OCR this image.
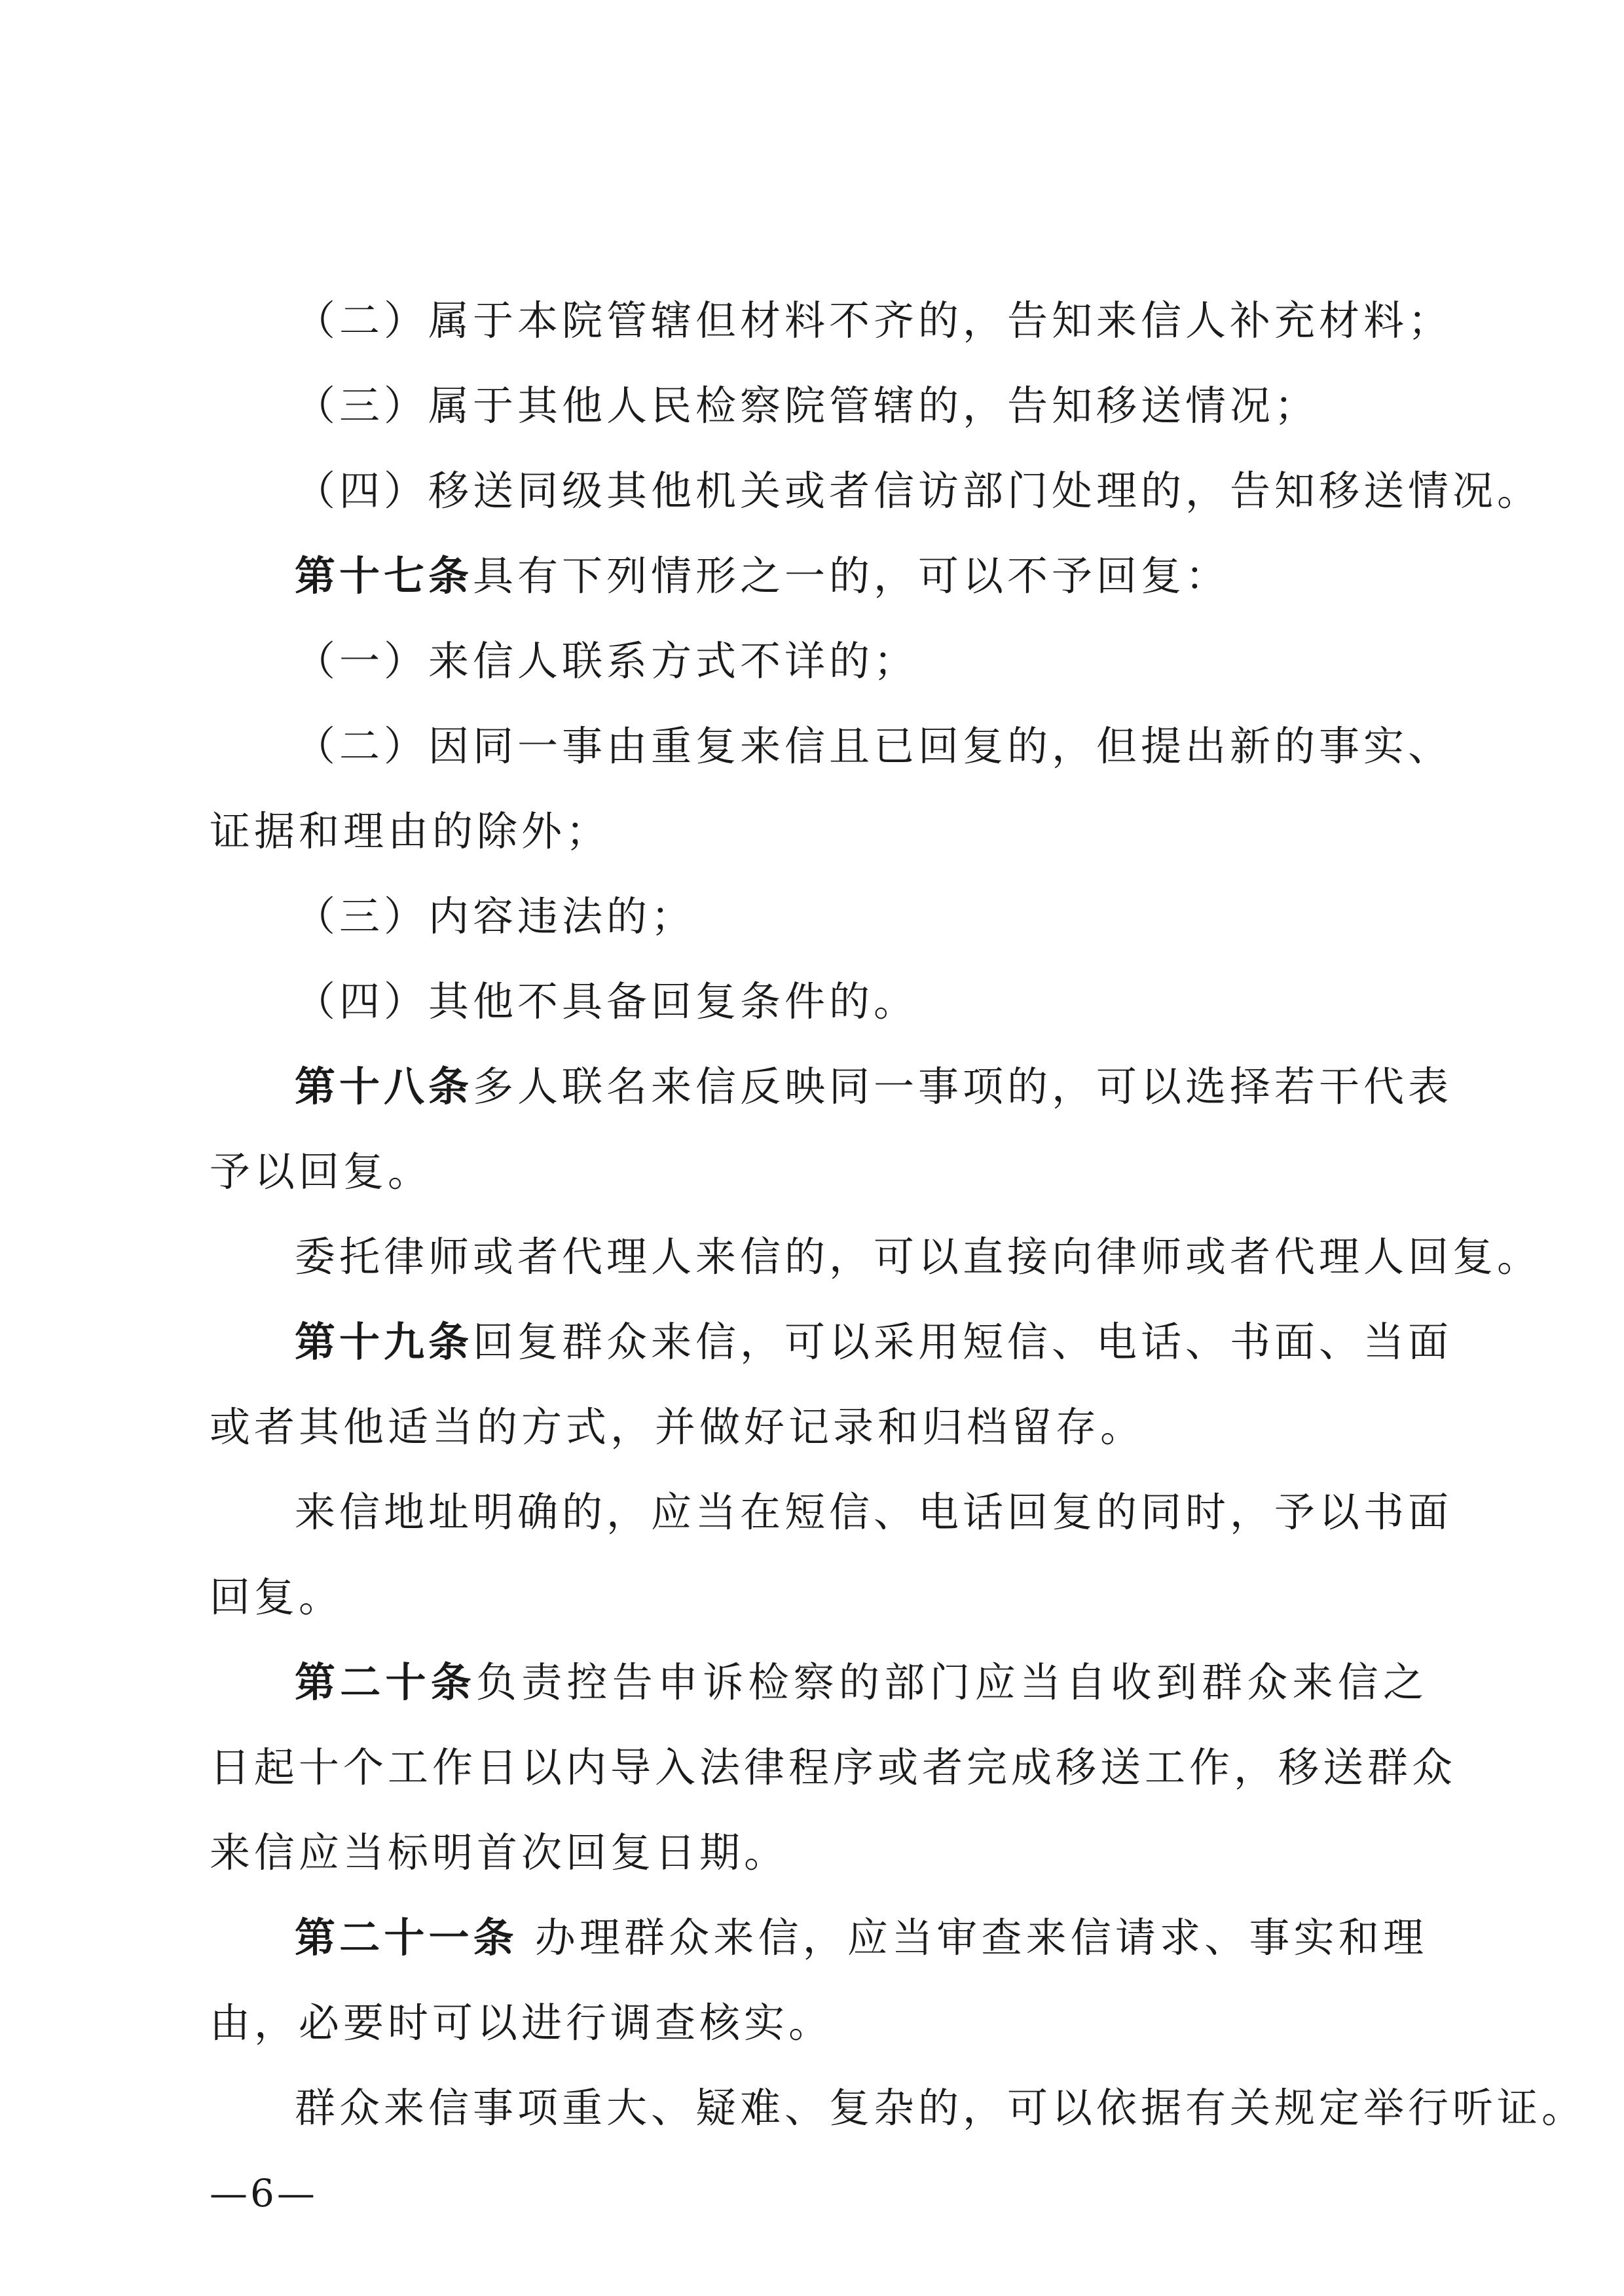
（二）属于本院管辖但材料不齐的，告知来信人补充材料；
（三）属于其他人民检察院管辖的，告知移送情况；
（四）移送同级其他机关或者信访部门处理的，告知移送情况。
第十七条具有下列情形之一的，可以不予回复：
（一）来信人联系方式不详的；
（二）因同一事由重复来信且已回复的，但提出新的事实、
证据和理由的除外；
（三）内容违法的；
（四）其他不具备回复条件的。
第十八条多人联名来信反映同一事项的，可以选择若干代表
予以回复。
委托律师或者代理人来信的，可以直接向律师或者代理人回复。
第十九条回复群众来信，可以采用短信、电话、书面、当面
或者其他适当的方式，并做好记录和归档留存。
来信地址明确的，应当在短信、电话回复的同时，予以书面
回复。
第二十条负责控告申诉检察的部门应当自收到群众来信之
日起十个工作日以内导入法律程序或者完成移送工作，移送群众
来信应当标明首次回复日期。
第二十一条 办理群众来信，应当审查来信请求、事实和理
由，必要时可以进行调查核实。
群众来信事项重大、疑难、复杂的，可以依据有关规定举行听证。
—6—
